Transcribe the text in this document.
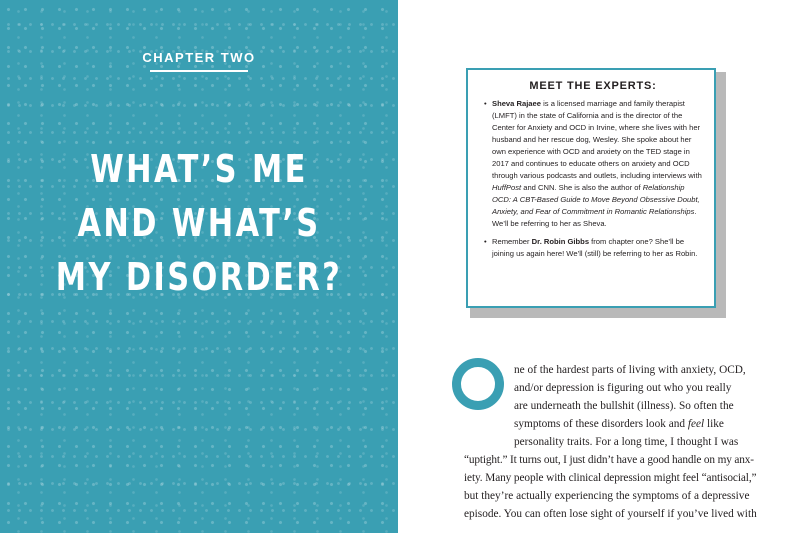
CHAPTER TWO
WHAT’S ME
AND WHAT’S
MY DISORDER?
MEET THE EXPERTS:
• Sheva Rajaee is a licensed marriage and family therapist (LMFT) in the state of California and is the director of the Center for Anxiety and OCD in Irvine, where she lives with her husband and her rescue dog, Wesley. She spoke about her own experience with OCD and anxiety on the TED stage in 2017 and continues to educate others on anxiety and OCD through various podcasts and outlets, including interviews with HuffPost and CNN. She is also the author of Relationship OCD: A CBT-Based Guide to Move Beyond Obsessive Doubt, Anxiety, and Fear of Commitment in Romantic Relationships. We’ll be referring to her as Sheva.
• Remember Dr. Robin Gibbs from chapter one? She’ll be joining us again here! We’ll (still) be referring to her as Robin.
ne of the hardest parts of living with anxiety, OCD,
and/or depression is figuring out who you really
are underneath the bullshit (illness). So often the
symptoms of these disorders look and feel like
personality traits. For a long time, I thought I was
“uptight.” It turns out, I just didn’t have a good handle on my anx-
iety. Many people with clinical depression might feel “antisocial,”
but they’re actually experiencing the symptoms of a depressive
episode. You can often lose sight of yourself if you’ve lived with
